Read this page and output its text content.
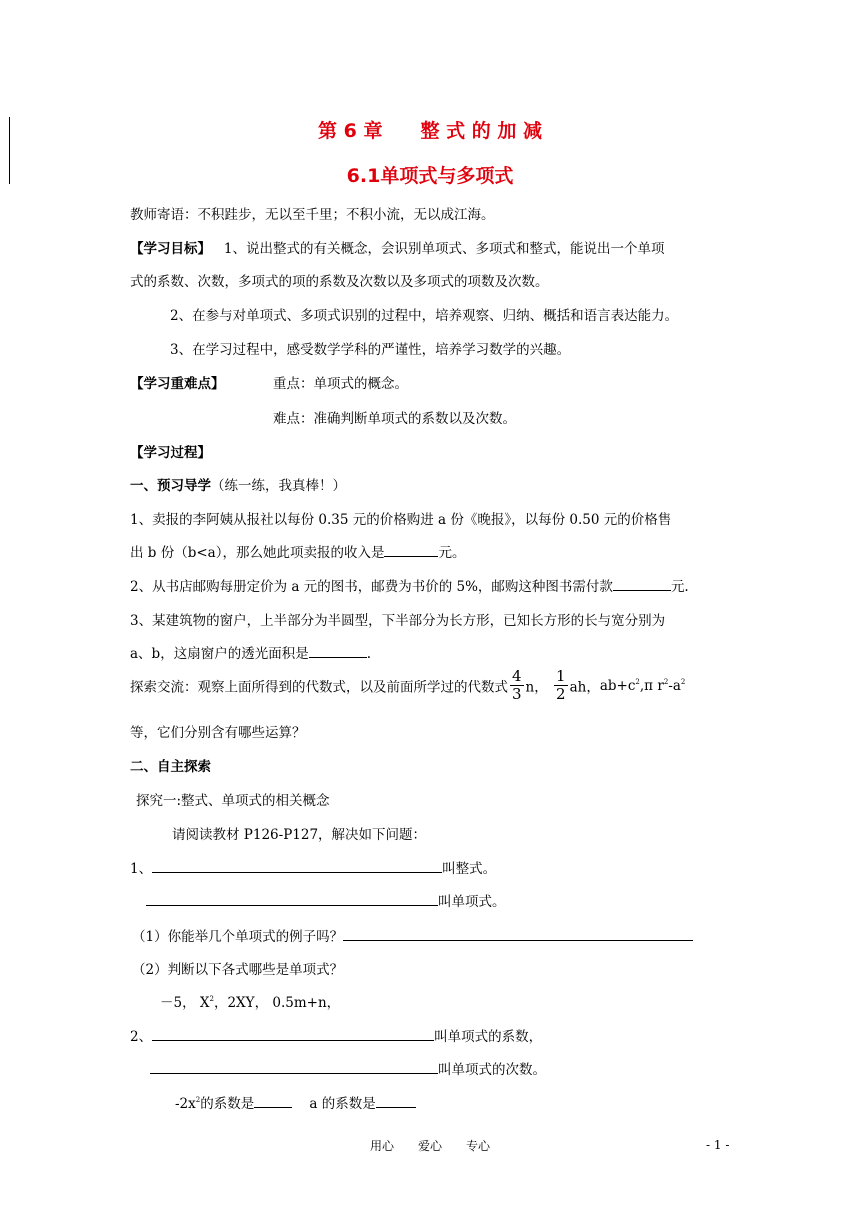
第 6 章　　整 式 的 加 减
6.1单项式与多项式
教师寄语：不积跬步，无以至千里；不积小流，无以成江海。
【学习目标】 1、说出整式的有关概念，会识别单项式、多项式和整式，能说出一个单项
式的系数、次数，多项式的项的系数及次数以及多项式的项数及次数。
2、在参与对单项式、多项式识别的过程中，培养观察、归纳、概括和语言表达能力。
3、在学习过程中，感受数学学科的严谨性，培养学习数学的兴趣。
【学习重难点】	重点：单项式的概念。
难点：准确判断单项式的系数以及次数。
【学习过程】
一、预习导学（练一练，我真棒！）
1、卖报的李阿姨从报社以每份 0.35 元的价格购进 a 份《晚报》，以每份 0.50 元的价格售
出 b 份（b<a），那么她此项卖报的收入是	元。
2、从书店邮购每册定价为 a 元的图书，邮费为书价的 5%，邮购这种图书需付款	元.
3、某建筑物的窗户，上半部分为半圆型，下半部分为长方形，已知长方形的长与宽分别为
a、b，这扇窗户的透光面积是	.
探索交流：观察上面所得到的代数式，以及前面所学过的代数式 $\frac{4}{3}$ n， $\frac{1}{2}$ ah，$ab+c^2,\pi$ $r^2-a^2$
等，它们分别含有哪些运算？
二、自主探索
探究一:整式、单项式的相关概念
请阅读教材 P126-P127，解决如下问题：
1、	叫整式。
叫单项式。
（1）你能举几个单项式的例子吗？
（2）判断以下各式哪些是单项式？
－5， $X^2$，2XY， 0.5m+n，
2、	叫单项式的系数，
叫单项式的次数。
$-2x^2$的系数是	a 的系数是
用心　　爱心　　专心	- 1 -
